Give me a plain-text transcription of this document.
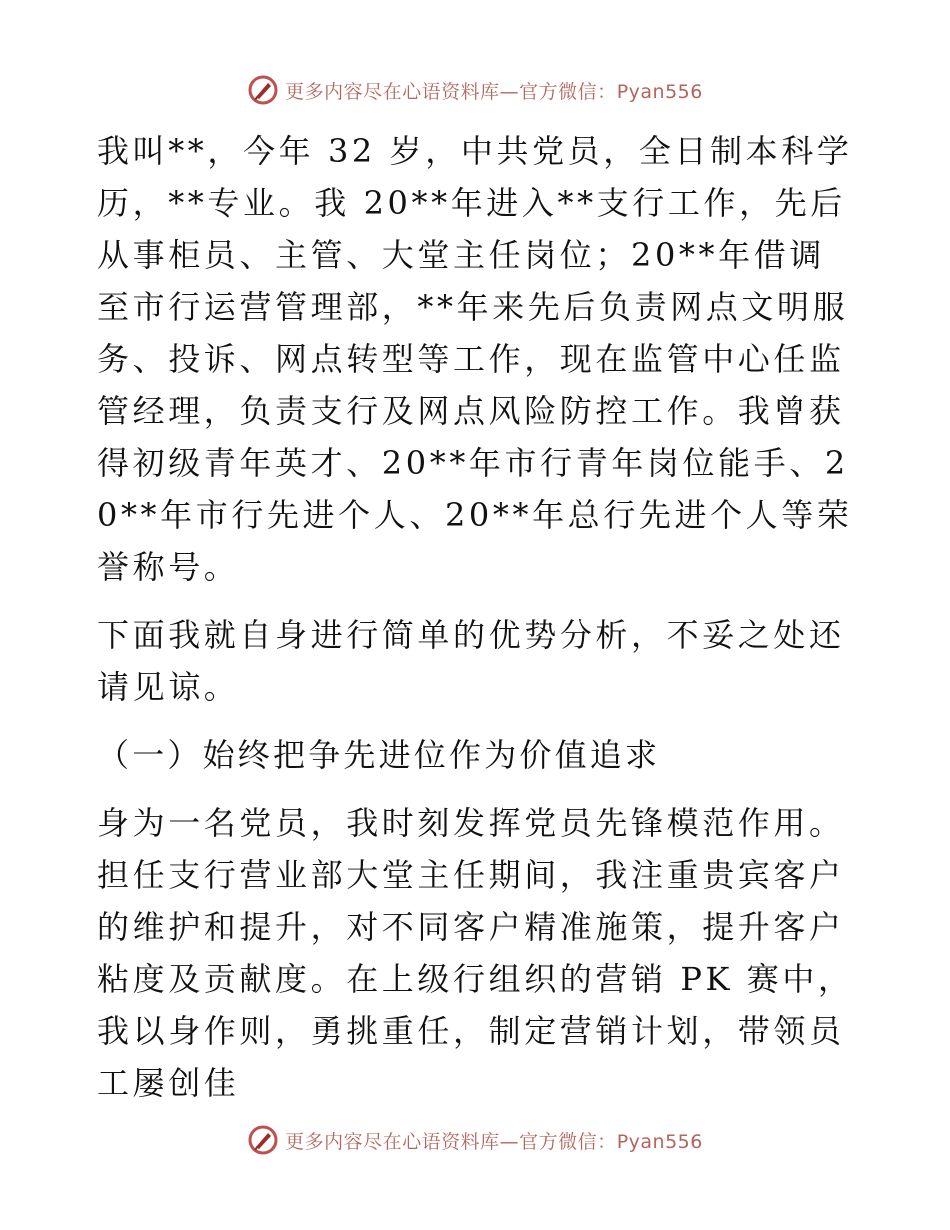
更多内容尽在心语资料库—官方微信：Pyan556

我叫**，今年 32 岁，中共党员，全日制本科学历，**专业。我 20**年进入**支行工作，先后从事柜员、主管、大堂主任岗位；20**年借调至市行运营管理部，**年来先后负责网点文明服务、投诉、网点转型等工作，现在监管中心任监管经理，负责支行及网点风险防控工作。我曾获得初级青年英才、20**年市行青年岗位能手、20**年市行先进个人、20**年总行先进个人等荣誉称号。

下面我就自身进行简单的优势分析，不妥之处还请见谅。

（一）始终把争先进位作为价值追求

身为一名党员，我时刻发挥党员先锋模范作用。担任支行营业部大堂主任期间，我注重贵宾客户的维护和提升，对不同客户精准施策，提升客户粘度及贡献度。在上级行组织的营销 PK 赛中，我以身作则，勇挑重任，制定营销计划，带领员工屡创佳

更多内容尽在心语资料库—官方微信：Pyan556
